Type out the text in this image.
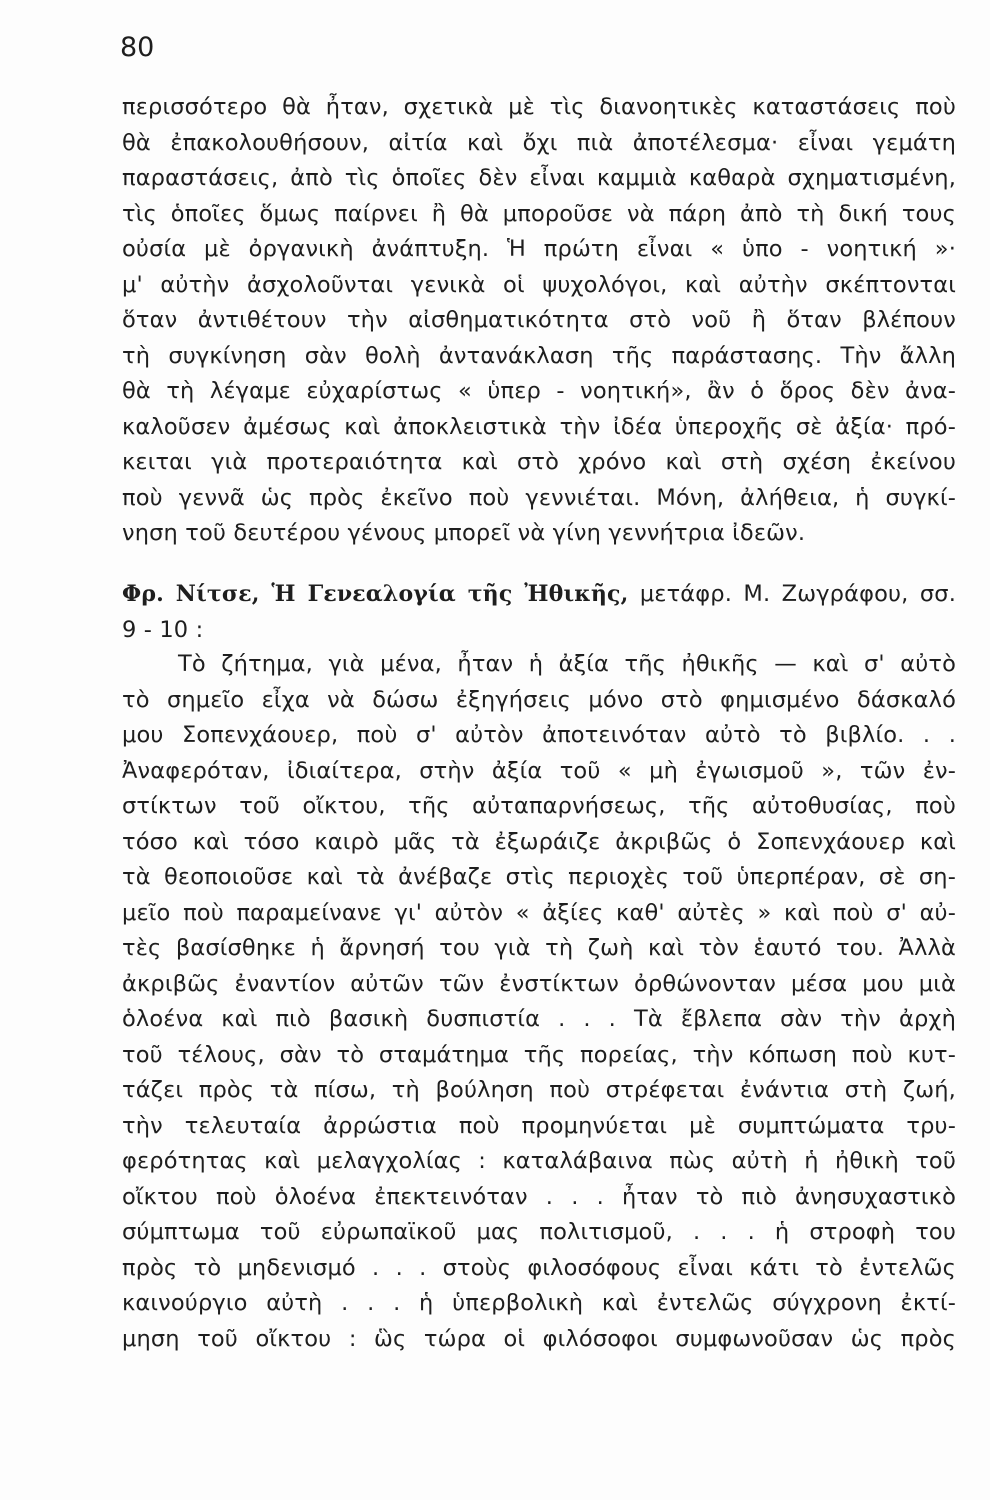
80
περισσότερο θὰ ἦταν, σχετικὰ μὲ τὶς διανοητικὲς καταστάσεις ποὺ
θὰ ἐπακολουθήσουν, αἰτία καὶ ὄχι πιὰ ἀποτέλεσμα· εἶναι γεμάτη
παραστάσεις, ἀπὸ τὶς ὁποῖες δὲν εἶναι καμμιὰ καθαρὰ σχηματισμένη,
τὶς ὁποῖες ὅμως παίρνει ἢ θὰ μποροῦσε νὰ πάρη ἀπὸ τὴ δική τους
οὐσία μὲ ὀργανικὴ ἀνάπτυξη. Ἡ πρώτη εἶναι « ὑπο - νοητική »·
μ' αὐτὴν ἀσχολοῦνται γενικὰ οἱ ψυχολόγοι, καὶ αὐτὴν σκέπτονται
ὅταν ἀντιθέτουν τὴν αἰσθηματικότητα στὸ νοῦ ἢ ὅταν βλέπουν
τὴ συγκίνηση σὰν θολὴ ἀντανάκλαση τῆς παράστασης. Τὴν ἄλλη
θὰ τὴ λέγαμε εὐχαρίστως « ὑπερ - νοητική», ἂν ὁ ὅρος δὲν ἀνα-
καλοῦσεν ἀμέσως καὶ ἀποκλειστικὰ τὴν ἰδέα ὑπεροχῆς σὲ ἀξία· πρό-
κειται γιὰ προτεραιότητα καὶ στὸ χρόνο καὶ στὴ σχέση ἐκείνου
ποὺ γεννᾶ ὡς πρὸς ἐκεῖνο ποὺ γεννιέται. Μόνη, ἀλήθεια, ἡ συγκί-
νηση τοῦ δευτέρου γένους μπορεῖ νὰ γίνη γεννήτρια ἰδεῶν.
Φρ. Νίτσε, Ἡ Γενεαλογία τῆς Ἠθικῆς, μετάφρ. Μ. Ζωγράφου, σσ.
9 - 10 :
Τὸ ζήτημα, γιὰ μένα, ἦταν ἡ ἀξία τῆς ἠθικῆς — καὶ σ' αὐτὸ
τὸ σημεῖο εἶχα νὰ δώσω ἐξηγήσεις μόνο στὸ φημισμένο δάσκαλό
μου Σοπενχάουερ, ποὺ σ' αὐτὸν ἀποτεινόταν αὐτὸ τὸ βιβλίο. . .
Ἀναφερόταν, ἰδιαίτερα, στὴν ἀξία τοῦ « μὴ ἐγωισμοῦ », τῶν ἐν-
στίκτων τοῦ οἴκτου, τῆς αὐταπαρνήσεως, τῆς αὐτοθυσίας, ποὺ
τόσο καὶ τόσο καιρὸ μᾶς τὰ ἐξωράιζε ἀκριβῶς ὁ Σοπενχάουερ καὶ
τὰ θεοποιοῦσε καὶ τὰ ἀνέβαζε στὶς περιοχὲς τοῦ ὑπερπέραν, σὲ ση-
μεῖο ποὺ παραμείνανε γι' αὐτὸν « ἀξίες καθ' αὐτὲς » καὶ ποὺ σ' αὐ-
τὲς βασίσθηκε ἡ ἄρνησή του γιὰ τὴ ζωὴ καὶ τὸν ἑαυτό του. Ἀλλὰ
ἀκριβῶς ἐναντίον αὐτῶν τῶν ἐνστίκτων ὀρθώνονταν μέσα μου μιὰ
ὁλοένα καὶ πιὸ βασικὴ δυσπιστία . . . Τὰ ἔβλεπα σὰν τὴν ἀρχὴ
τοῦ τέλους, σὰν τὸ σταμάτημα τῆς πορείας, τὴν κόπωση ποὺ κυτ-
τάζει πρὸς τὰ πίσω, τὴ βούληση ποὺ στρέφεται ἐνάντια στὴ ζωή,
τὴν τελευταία ἀρρώστια ποὺ προμηνύεται μὲ συμπτώματα τρυ-
φερότητας καὶ μελαγχολίας : καταλάβαινα πὼς αὐτὴ ἡ ἠθικὴ τοῦ
οἴκτου ποὺ ὁλοένα ἐπεκτεινόταν . . . ἦταν τὸ πιὸ ἀνησυχαστικὸ
σύμπτωμα τοῦ εὐρωπαϊκοῦ μας πολιτισμοῦ, . . . ἡ στροφὴ του
πρὸς τὸ μηδενισμό . . . στοὺς φιλοσόφους εἶναι κάτι τὸ ἐντελῶς
καινούργιο αὐτὴ . . . ἡ ὑπερβολικὴ καὶ ἐντελῶς σύγχρονη ἐκτί-
μηση τοῦ οἴκτου : ὣς τώρα οἱ φιλόσοφοι συμφωνοῦσαν ὡς πρὸς
